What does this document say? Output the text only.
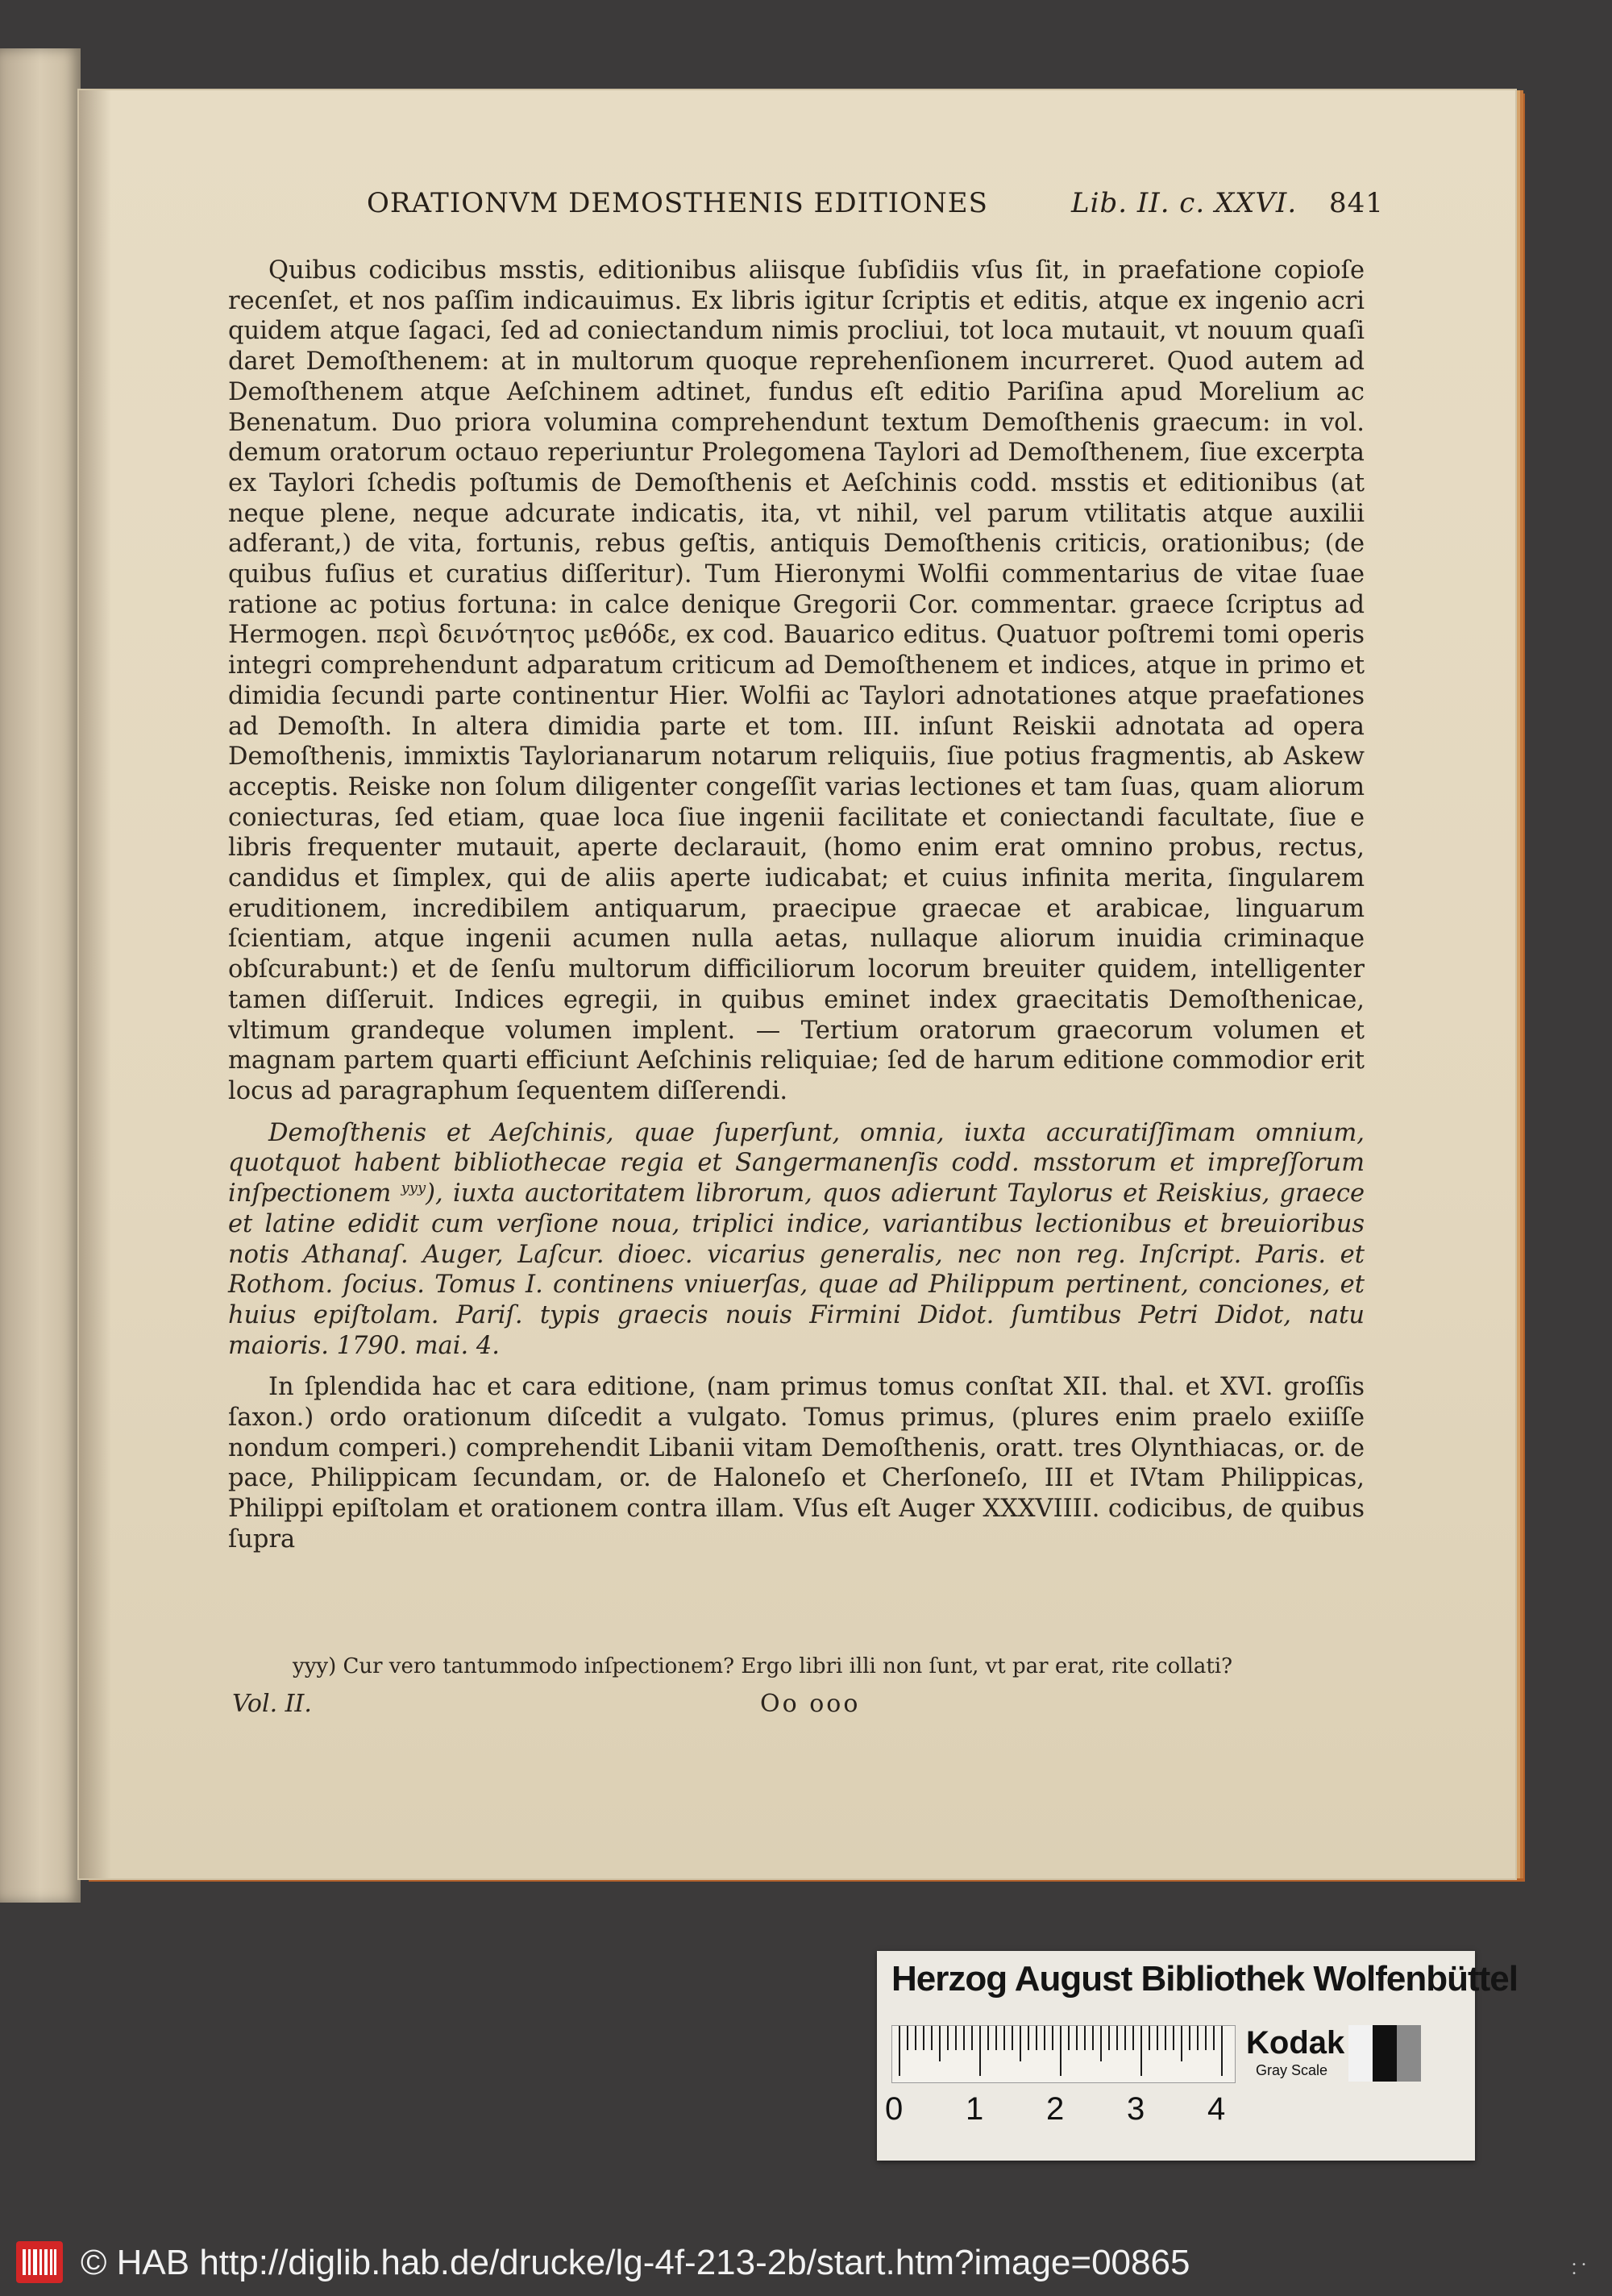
ORATIONVM DEMOSTHENIS EDITIONES	Lib. II. c. XXVI. 841

Quibus codicibus msstis, editionibus aliisque ſubſidiis vſus ſit, in praefatione copioſe recenſet, et nos paſſim indicauimus. Ex libris igitur ſcriptis et editis, atque ex ingenio acri quidem atque ſagaci, ſed ad coniectandum nimis procliui, tot loca mutauit, vt nouum quaſi daret Demoſthenem: at in multorum quoque reprehenſionem incurreret. Quod autem ad Demoſthenem atque Aeſchinem adtinet, fundus eſt editio Pariſina apud Morelium ac Benenatum. Duo priora volumina comprehendunt textum Demoſthenis graecum: in vol. demum oratorum octauo reperiuntur Prolegomena Taylori ad Demoſthenem, ſiue excerpta ex Taylori ſchedis poſtumis de Demoſthenis et Aeſchinis codd. msstis et editionibus (at neque plene, neque adcurate indicatis, ita, vt nihil, vel parum vtilitatis atque auxilii adferant,) de vita, fortunis, rebus geſtis, antiquis Demoſthenis criticis, orationibus; (de quibus fuſius et curatius diſſeritur). Tum Hieronymi Wolfii commentarius de vitae ſuae ratione ac potius fortuna: in calce denique Gregorii Cor. commentar. graece ſcriptus ad Hermogen. περὶ δεινότητος μεθόδε, ex cod. Bauarico editus. Quatuor poſtremi tomi operis integri comprehendunt adparatum criticum ad Demoſthenem et indices, atque in primo et dimidia ſecundi parte continentur Hier. Wolfii ac Taylori adnotationes atque praefationes ad Demoſth. In altera dimidia parte et tom. III. inſunt Reiskii adnotata ad opera Demoſthenis, immixtis Taylorianarum notarum reliquiis, ſiue potius fragmentis, ab Askew acceptis. Reiske non ſolum diligenter congeſſit varias lectiones et tam ſuas, quam aliorum coniecturas, ſed etiam, quae loca ſiue ingenii facilitate et coniectandi facultate, ſiue e libris frequenter mutauit, aperte declarauit, (homo enim erat omnino probus, rectus, candidus et ſimplex, qui de aliis aperte iudicabat; et cuius infinita merita, ſingularem eruditionem, incredibilem antiquarum, praecipue graecae et arabicae, linguarum ſcientiam, atque ingenii acumen nulla aetas, nullaque aliorum inuidia criminaque obſcurabunt:) et de ſenſu multorum difficiliorum locorum breuiter quidem, intelligenter tamen diſſeruit. Indices egregii, in quibus eminet index graecitatis Demoſthenicae, vltimum grandeque volumen implent. — Tertium oratorum graecorum volumen et magnam partem quarti efficiunt Aeſchinis reliquiae; ſed de harum editione commodior erit locus ad paragraphum ſequentem diſſerendi.

Demoſthenis et Aeſchinis, quae ſuperſunt, omnia, iuxta accuratiſſimam omnium, quotquot habent bibliothecae regia et Sangermanenſis codd. msstorum et impreſſorum inſpectionem $^{yyy}$), iuxta auctoritatem librorum, quos adierunt Taylorus et Reiskius, graece et latine edidit cum verſione noua, triplici indice, variantibus lectionibus et breuioribus notis Athanaſ. Auger, Laſcur. dioec. vicarius generalis, nec non reg. Inſcript. Paris. et Rothom. ſocius. Tomus I. continens vniuerſas, quae ad Philippum pertinent, conciones, et huius epiſtolam. Pariſ. typis graecis nouis Firmini Didot. ſumtibus Petri Didot, natu maioris. 1790. mai. 4.

In ſplendida hac et cara editione, (nam primus tomus conſtat XII. thal. et XVI. groſſis ſaxon.) ordo orationum diſcedit a vulgato. Tomus primus, (plures enim praelo exiiſſe nondum comperi.) comprehendit Libanii vitam Demoſthenis, oratt. tres Olynthiacas, or. de pace, Philippicam ſecundam, or. de Haloneſo et Cherſoneſo, III et IVtam Philippicas, Philippi epiſtolam et orationem contra illam. Vſus eſt Auger XXXVIIII. codicibus, de quibus ſupra

yyy) Cur vero tantummodo inſpectionem? Ergo libri illi non ſunt, vt par erat, rite collati?
Vol. II.	Oo ooo
Herzog August Bibliothek Wolfenbüttel
0 1 2 3 4
Kodak
Gray Scale
© HAB http://diglib.hab.de/drucke/lg-4f-213-2b/start.htm?image=00865	• • •
